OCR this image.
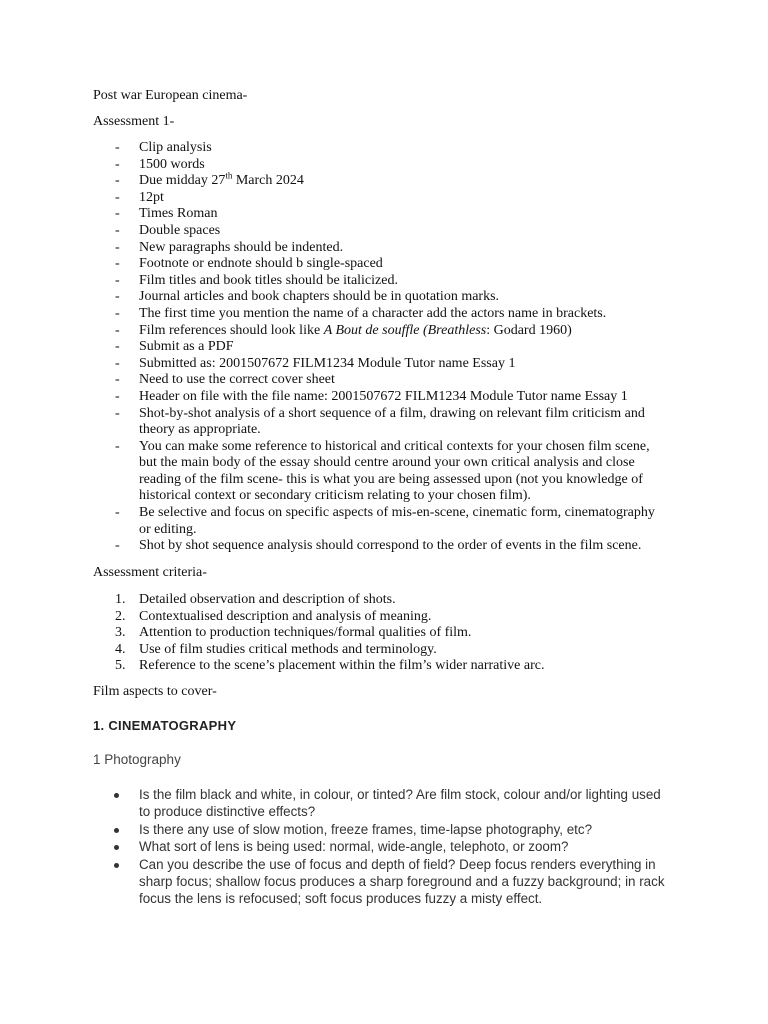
Post war European cinema-

Assessment 1-

- Clip analysis
- 1500 words
- Due midday 27th March 2024
- 12pt
- Times Roman
- Double spaces
- New paragraphs should be indented.
- Footnote or endnote should b single-spaced
- Film titles and book titles should be italicized.
- Journal articles and book chapters should be in quotation marks.
- The first time you mention the name of a character add the actors name in brackets.
- Film references should look like A Bout de souffle (Breathless: Godard 1960)
- Submit as a PDF
- Submitted as: 2001507672 FILM1234 Module Tutor name Essay 1
- Need to use the correct cover sheet
- Header on file with the file name: 2001507672 FILM1234 Module Tutor name Essay 1
- Shot-by-shot analysis of a short sequence of a film, drawing on relevant film criticism and theory as appropriate.
- You can make some reference to historical and critical contexts for your chosen film scene, but the main body of the essay should centre around your own critical analysis and close reading of the film scene- this is what you are being assessed upon (not you knowledge of historical context or secondary criticism relating to your chosen film).
- Be selective and focus on specific aspects of mis-en-scene, cinematic form, cinematography or editing.
- Shot by shot sequence analysis should correspond to the order of events in the film scene.

Assessment criteria-

1. Detailed observation and description of shots.
2. Contextualised description and analysis of meaning.
3. Attention to production techniques/formal qualities of film.
4. Use of film studies critical methods and terminology.
5. Reference to the scene’s placement within the film’s wider narrative arc.

Film aspects to cover-

1. CINEMATOGRAPHY
1 Photography
Is the film black and white, in colour, or tinted? Are film stock, colour and/or lighting used to produce distinctive effects?
Is there any use of slow motion, freeze frames, time-lapse photography, etc?
What sort of lens is being used: normal, wide-angle, telephoto, or zoom?
Can you describe the use of focus and depth of field? Deep focus renders everything in sharp focus; shallow focus produces a sharp foreground and a fuzzy background; in rack focus the lens is refocused; soft focus produces fuzzy a misty effect.
